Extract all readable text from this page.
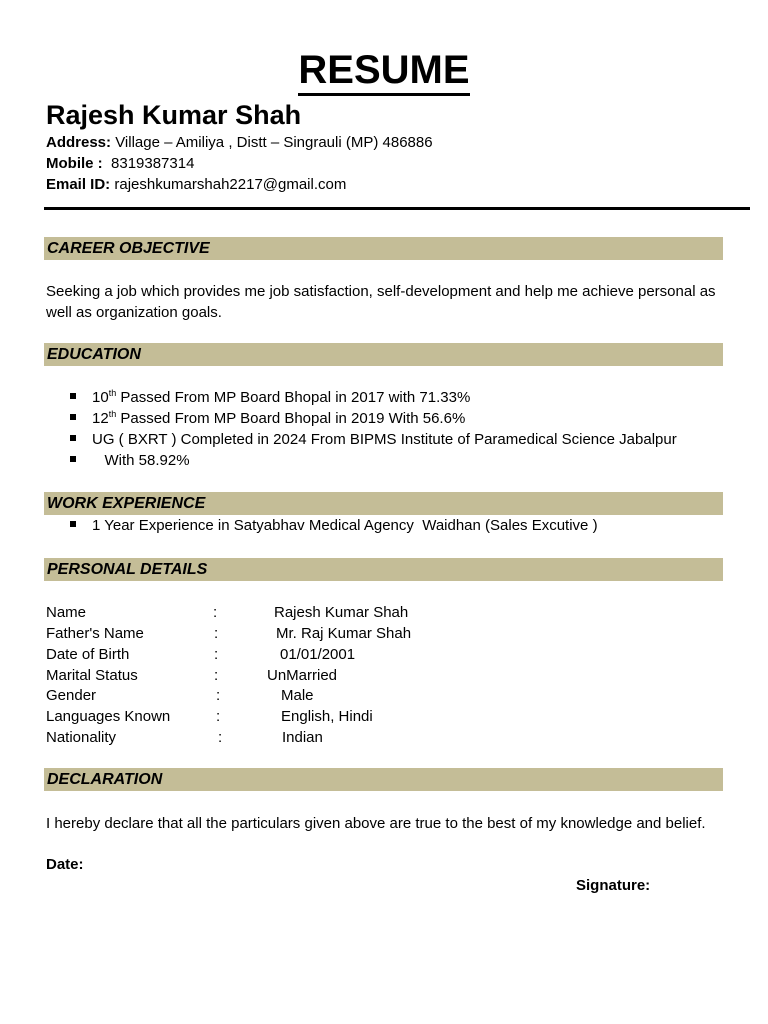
RESUME
Rajesh Kumar Shah
Address: Village – Amiliya , Distt – Singrauli (MP) 486886
Mobile :  8319387314
Email ID: rajeshkumarshah2217@gmail.com
CAREER OBJECTIVE
Seeking a job which provides me job satisfaction, self-development and help me achieve personal as well as organization goals.
EDUCATION
10th Passed From MP Board Bhopal in 2017 with 71.33%
12th Passed From MP Board Bhopal in 2019 With 56.6%
UG ( BXRT ) Completed in 2024 From BIPMS Institute of Paramedical Science Jabalpur
With 58.92%
WORK EXPERIENCE
1 Year Experience in Satyabhav Medical Agency  Waidhan (Sales Excutive )
PERSONAL DETAILS
Name	:	Rajesh Kumar Shah
Father's Name	:	Mr. Raj Kumar Shah
Date of Birth	:	01/01/2001
Marital Status	:	UnMarried
Gender	:	Male
Languages Known	:	English, Hindi
Nationality	:	Indian
DECLARATION
I hereby declare that all the particulars given above are true to the best of my knowledge and belief.
Date:
Signature:
